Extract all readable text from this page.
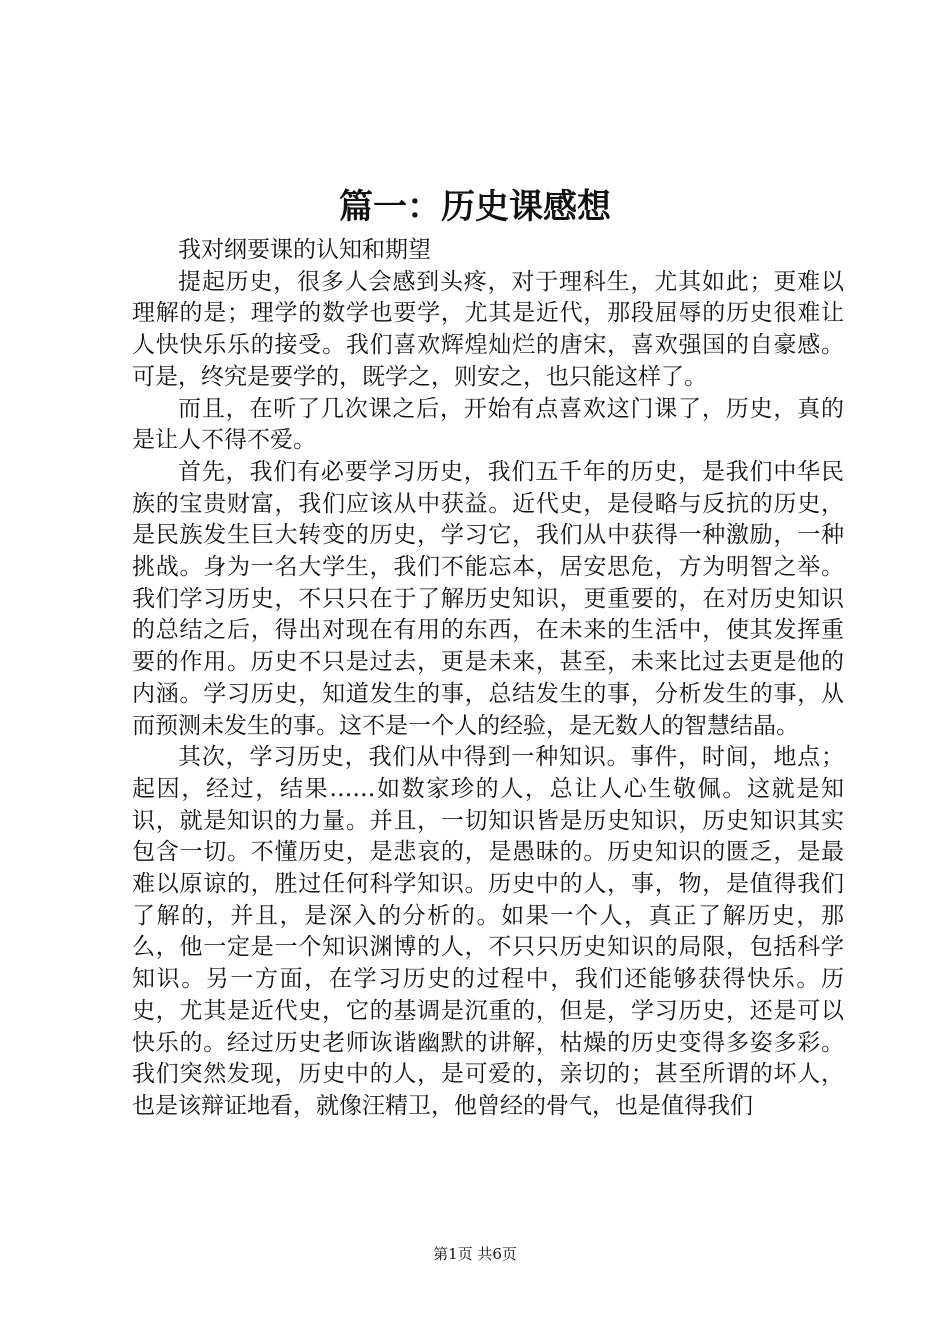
篇一：历史课感想

我对纲要课的认知和期望

提起历史，很多人会感到头疼，对于理科生，尤其如此；更难以理解的是；理学的数学也要学，尤其是近代，那段屈辱的历史很难让人快快乐乐的接受。我们喜欢辉煌灿烂的唐宋，喜欢强国的自豪感。可是，终究是要学的，既学之，则安之，也只能这样了。

而且，在听了几次课之后，开始有点喜欢这门课了，历史，真的是让人不得不爱。

首先，我们有必要学习历史，我们五千年的历史，是我们中华民族的宝贵财富，我们应该从中获益。近代史，是侵略与反抗的历史，是民族发生巨大转变的历史，学习它，我们从中获得一种激励，一种挑战。身为一名大学生，我们不能忘本，居安思危，方为明智之举。我们学习历史，不只只在于了解历史知识，更重要的，在对历史知识的总结之后，得出对现在有用的东西，在未来的生活中，使其发挥重要的作用。历史不只是过去，更是未来，甚至，未来比过去更是他的内涵。学习历史，知道发生的事，总结发生的事，分析发生的事，从而预测未发生的事。这不是一个人的经验，是无数人的智慧结晶。

其次，学习历史，我们从中得到一种知识。事件，时间，地点；起因，经过，结果……如数家珍的人，总让人心生敬佩。这就是知识，就是知识的力量。并且，一切知识皆是历史知识，历史知识其实包含一切。不懂历史，是悲哀的，是愚昧的。历史知识的匮乏，是最难以原谅的，胜过任何科学知识。历史中的人，事，物，是值得我们了解的，并且，是深入的分析的。如果一个人，真正了解历史，那么，他一定是一个知识渊博的人，不只只历史知识的局限，包括科学知识。另一方面，在学习历史的过程中，我们还能够获得快乐。历史，尤其是近代史，它的基调是沉重的，但是，学习历史，还是可以快乐的。经过历史老师诙谐幽默的讲解，枯燥的历史变得多姿多彩。我们突然发现，历史中的人，是可爱的，亲切的；甚至所谓的坏人，也是该辩证地看，就像汪精卫，他曾经的骨气，也是值得我们

第1页 共6页
